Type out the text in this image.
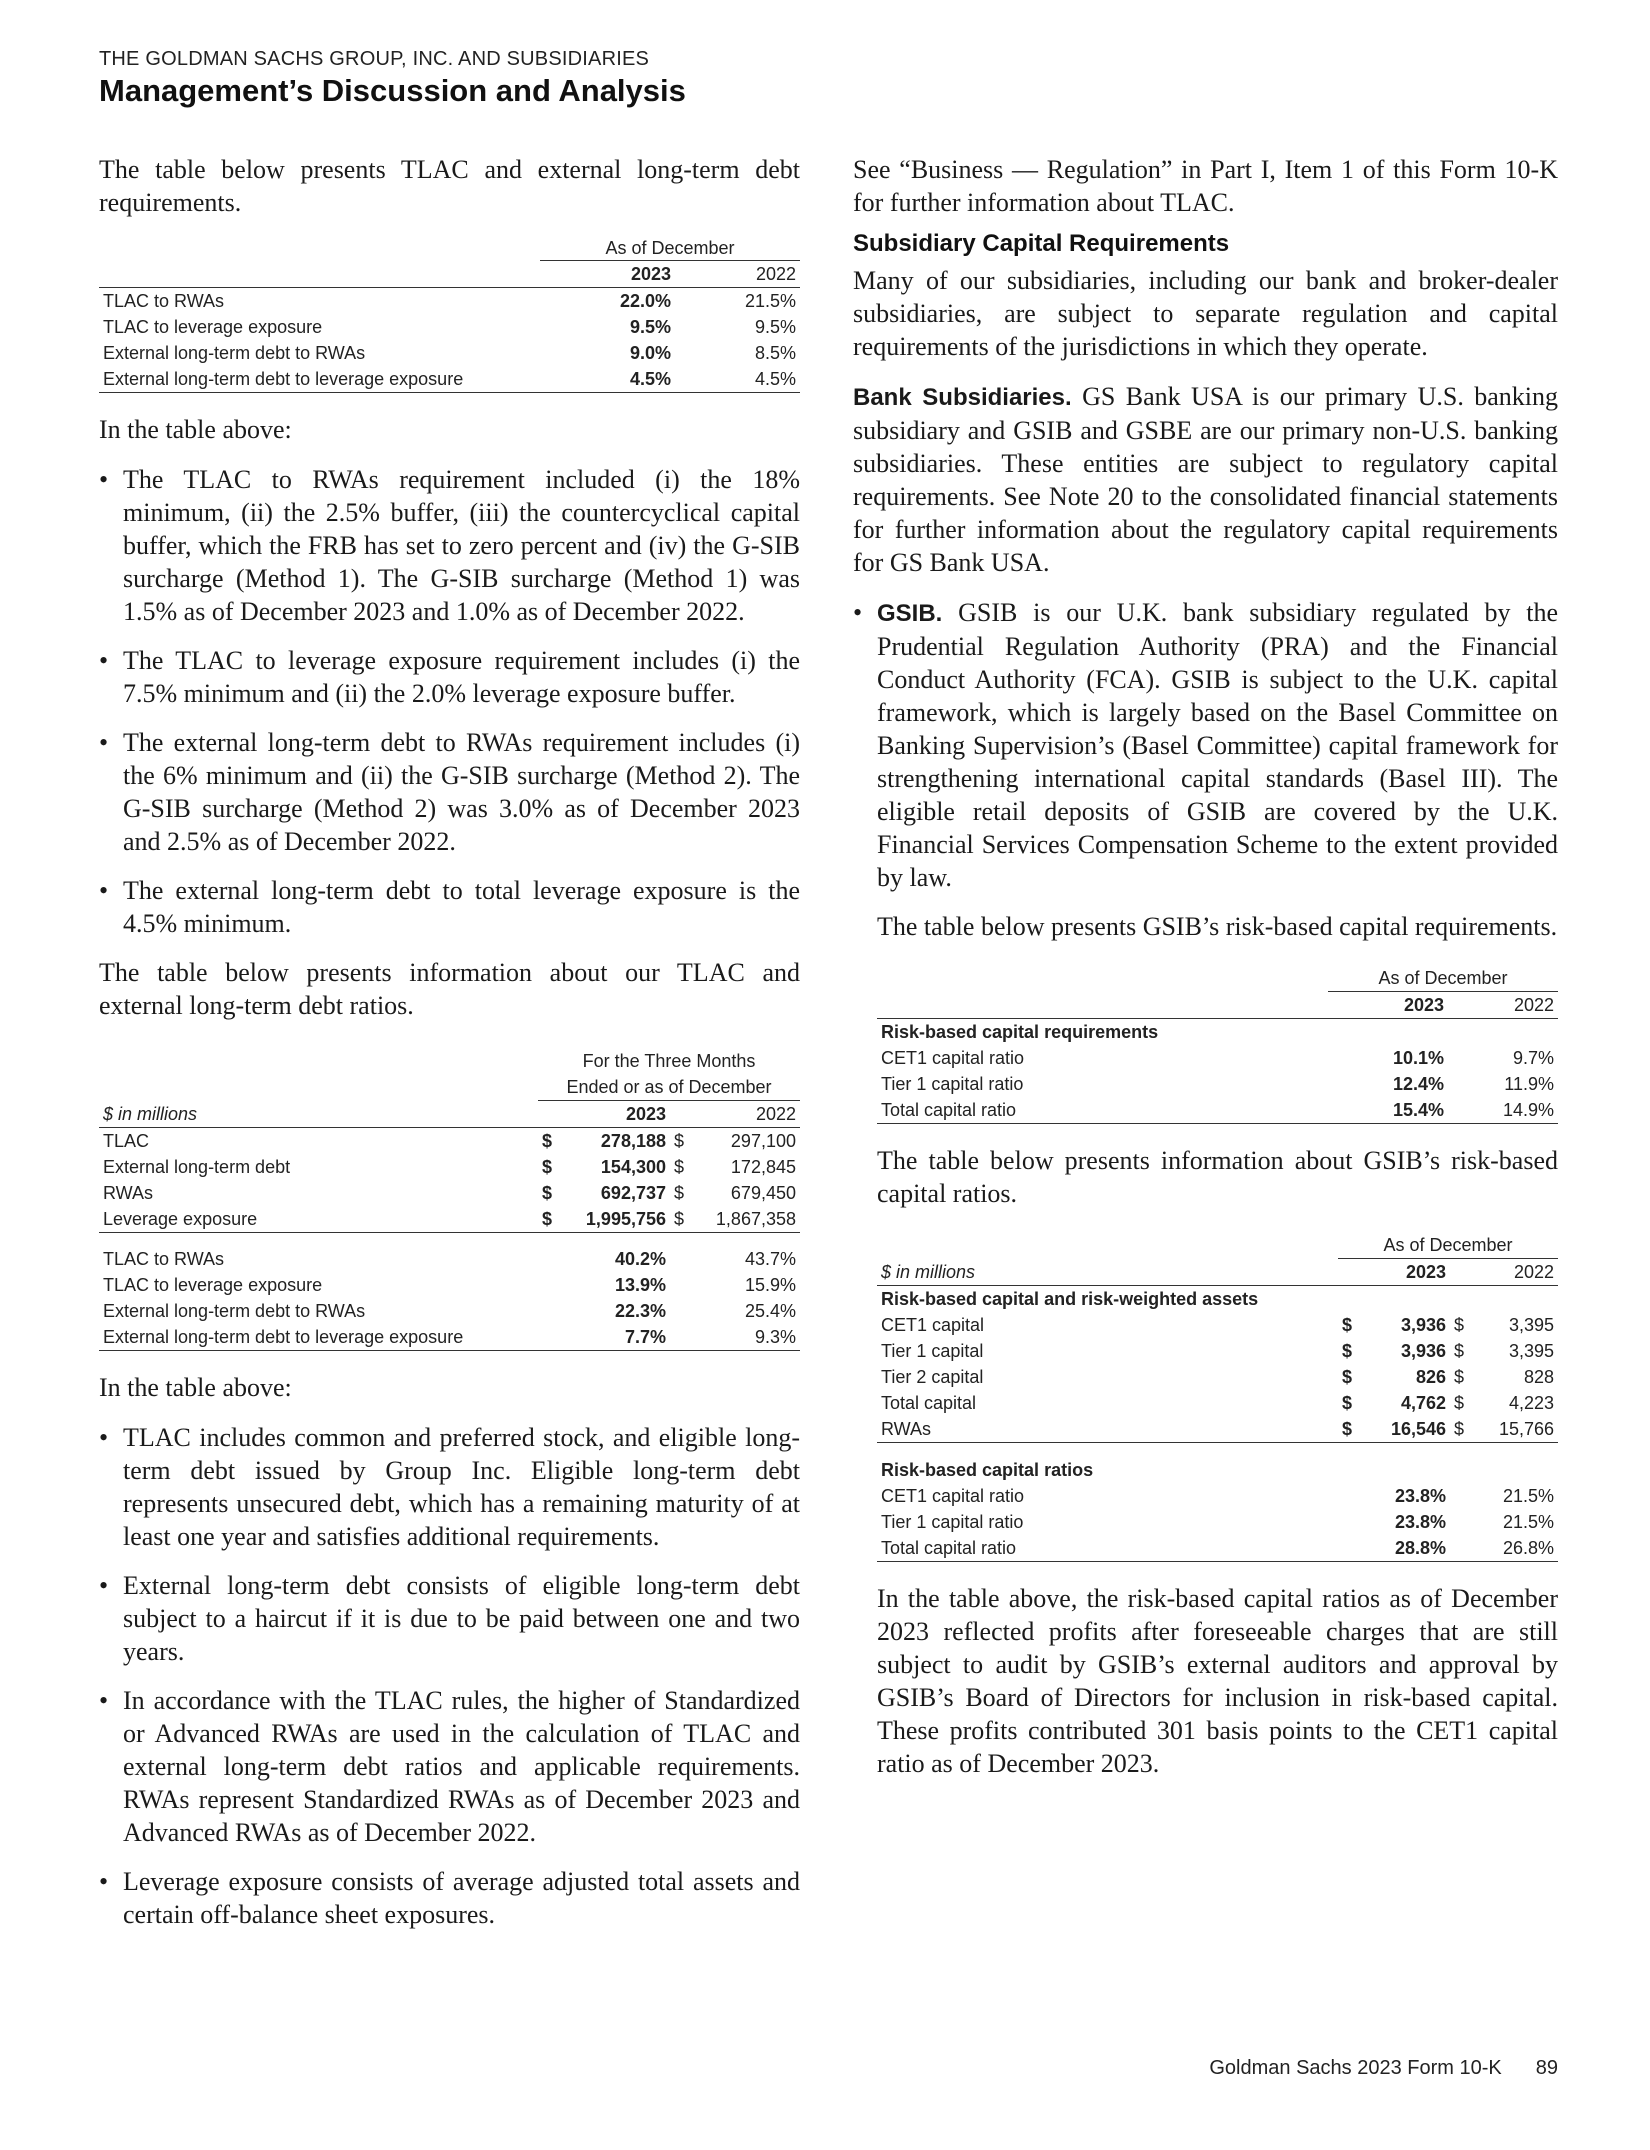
THE GOLDMAN SACHS GROUP, INC. AND SUBSIDIARIES
Management’s Discussion and Analysis

The table below presents TLAC and external long-term debt requirements.

	As of December	
	2023	2022
TLAC to RWAs	22.0%	21.5%
TLAC to leverage exposure	9.5%	9.5%
External long-term debt to RWAs	9.0%	8.5%
External long-term debt to leverage exposure	4.5%	4.5%

In the table above:

• The TLAC to RWAs requirement included (i) the 18% minimum, (ii) the 2.5% buffer, (iii) the countercyclical capital buffer, which the FRB has set to zero percent and (iv) the G-SIB surcharge (Method 1). The G-SIB surcharge (Method 1) was 1.5% as of December 2023 and 1.0% as of December 2022.
• The TLAC to leverage exposure requirement includes (i) the 7.5% minimum and (ii) the 2.0% leverage exposure buffer.
• The external long-term debt to RWAs requirement includes (i) the 6% minimum and (ii) the G-SIB surcharge (Method 2). The G-SIB surcharge (Method 2) was 3.0% as of December 2023 and 2.5% as of December 2022.
• The external long-term debt to total leverage exposure is the 4.5% minimum.

The table below presents information about our TLAC and external long-term debt ratios.

	For the Three Months			
	Ended or as of December			
$ in millions		2023		2022
TLAC	$	278,188	$	297,100
External long-term debt	$	154,300	$	172,845
RWAs	$	692,737	$	679,450
Leverage exposure	$	1,995,756	$	1,867,358

TLAC to RWAs		40.2%		43.7%
TLAC to leverage exposure		13.9%		15.9%
External long-term debt to RWAs		22.3%		25.4%
External long-term debt to leverage exposure		7.7%		9.3%

In the table above:

• TLAC includes common and preferred stock, and eligible long-term debt issued by Group Inc. Eligible long-term debt represents unsecured debt, which has a remaining maturity of at least one year and satisfies additional requirements.
• External long-term debt consists of eligible long-term debt subject to a haircut if it is due to be paid between one and two years.
• In accordance with the TLAC rules, the higher of Standardized or Advanced RWAs are used in the calculation of TLAC and external long-term debt ratios and applicable requirements. RWAs represent Standardized RWAs as of December 2023 and Advanced RWAs as of December 2022.
• Leverage exposure consists of average adjusted total assets and certain off-balance sheet exposures.

See “Business — Regulation” in Part I, Item 1 of this Form 10-K for further information about TLAC.

Subsidiary Capital Requirements

Many of our subsidiaries, including our bank and broker-dealer subsidiaries, are subject to separate regulation and capital requirements of the jurisdictions in which they operate.

Bank Subsidiaries. GS Bank USA is our primary U.S. banking subsidiary and GSIB and GSBE are our primary non-U.S. banking subsidiaries. These entities are subject to regulatory capital requirements. See Note 20 to the consolidated financial statements for further information about the regulatory capital requirements for GS Bank USA.

• GSIB. GSIB is our U.K. bank subsidiary regulated by the Prudential Regulation Authority (PRA) and the Financial Conduct Authority (FCA). GSIB is subject to the U.K. capital framework, which is largely based on the Basel Committee on Banking Supervision’s (Basel Committee) capital framework for strengthening international capital standards (Basel III). The eligible retail deposits of GSIB are covered by the U.K. Financial Services Compensation Scheme to the extent provided by law.

The table below presents GSIB’s risk-based capital requirements.

	As of December	
	2023	2022
Risk-based capital requirements		
CET1 capital ratio	10.1%	9.7%
Tier 1 capital ratio	12.4%	11.9%
Total capital ratio	15.4%	14.9%

The table below presents information about GSIB’s risk-based capital ratios.

	As of December			
$ in millions		2023		2022
Risk-based capital and risk-weighted assets				
CET1 capital	$	3,936	$	3,395
Tier 1 capital	$	3,936	$	3,395
Tier 2 capital	$	826	$	828
Total capital	$	4,762	$	4,223
RWAs	$	16,546	$	15,766

Risk-based capital ratios				
CET1 capital ratio		23.8%		21.5%
Tier 1 capital ratio		23.8%		21.5%
Total capital ratio		28.8%		26.8%

In the table above, the risk-based capital ratios as of December 2023 reflected profits after foreseeable charges that are still subject to audit by GSIB’s external auditors and approval by GSIB’s Board of Directors for inclusion in risk-based capital. These profits contributed 301 basis points to the CET1 capital ratio as of December 2023.

Goldman Sachs 2023 Form 10-K 89
